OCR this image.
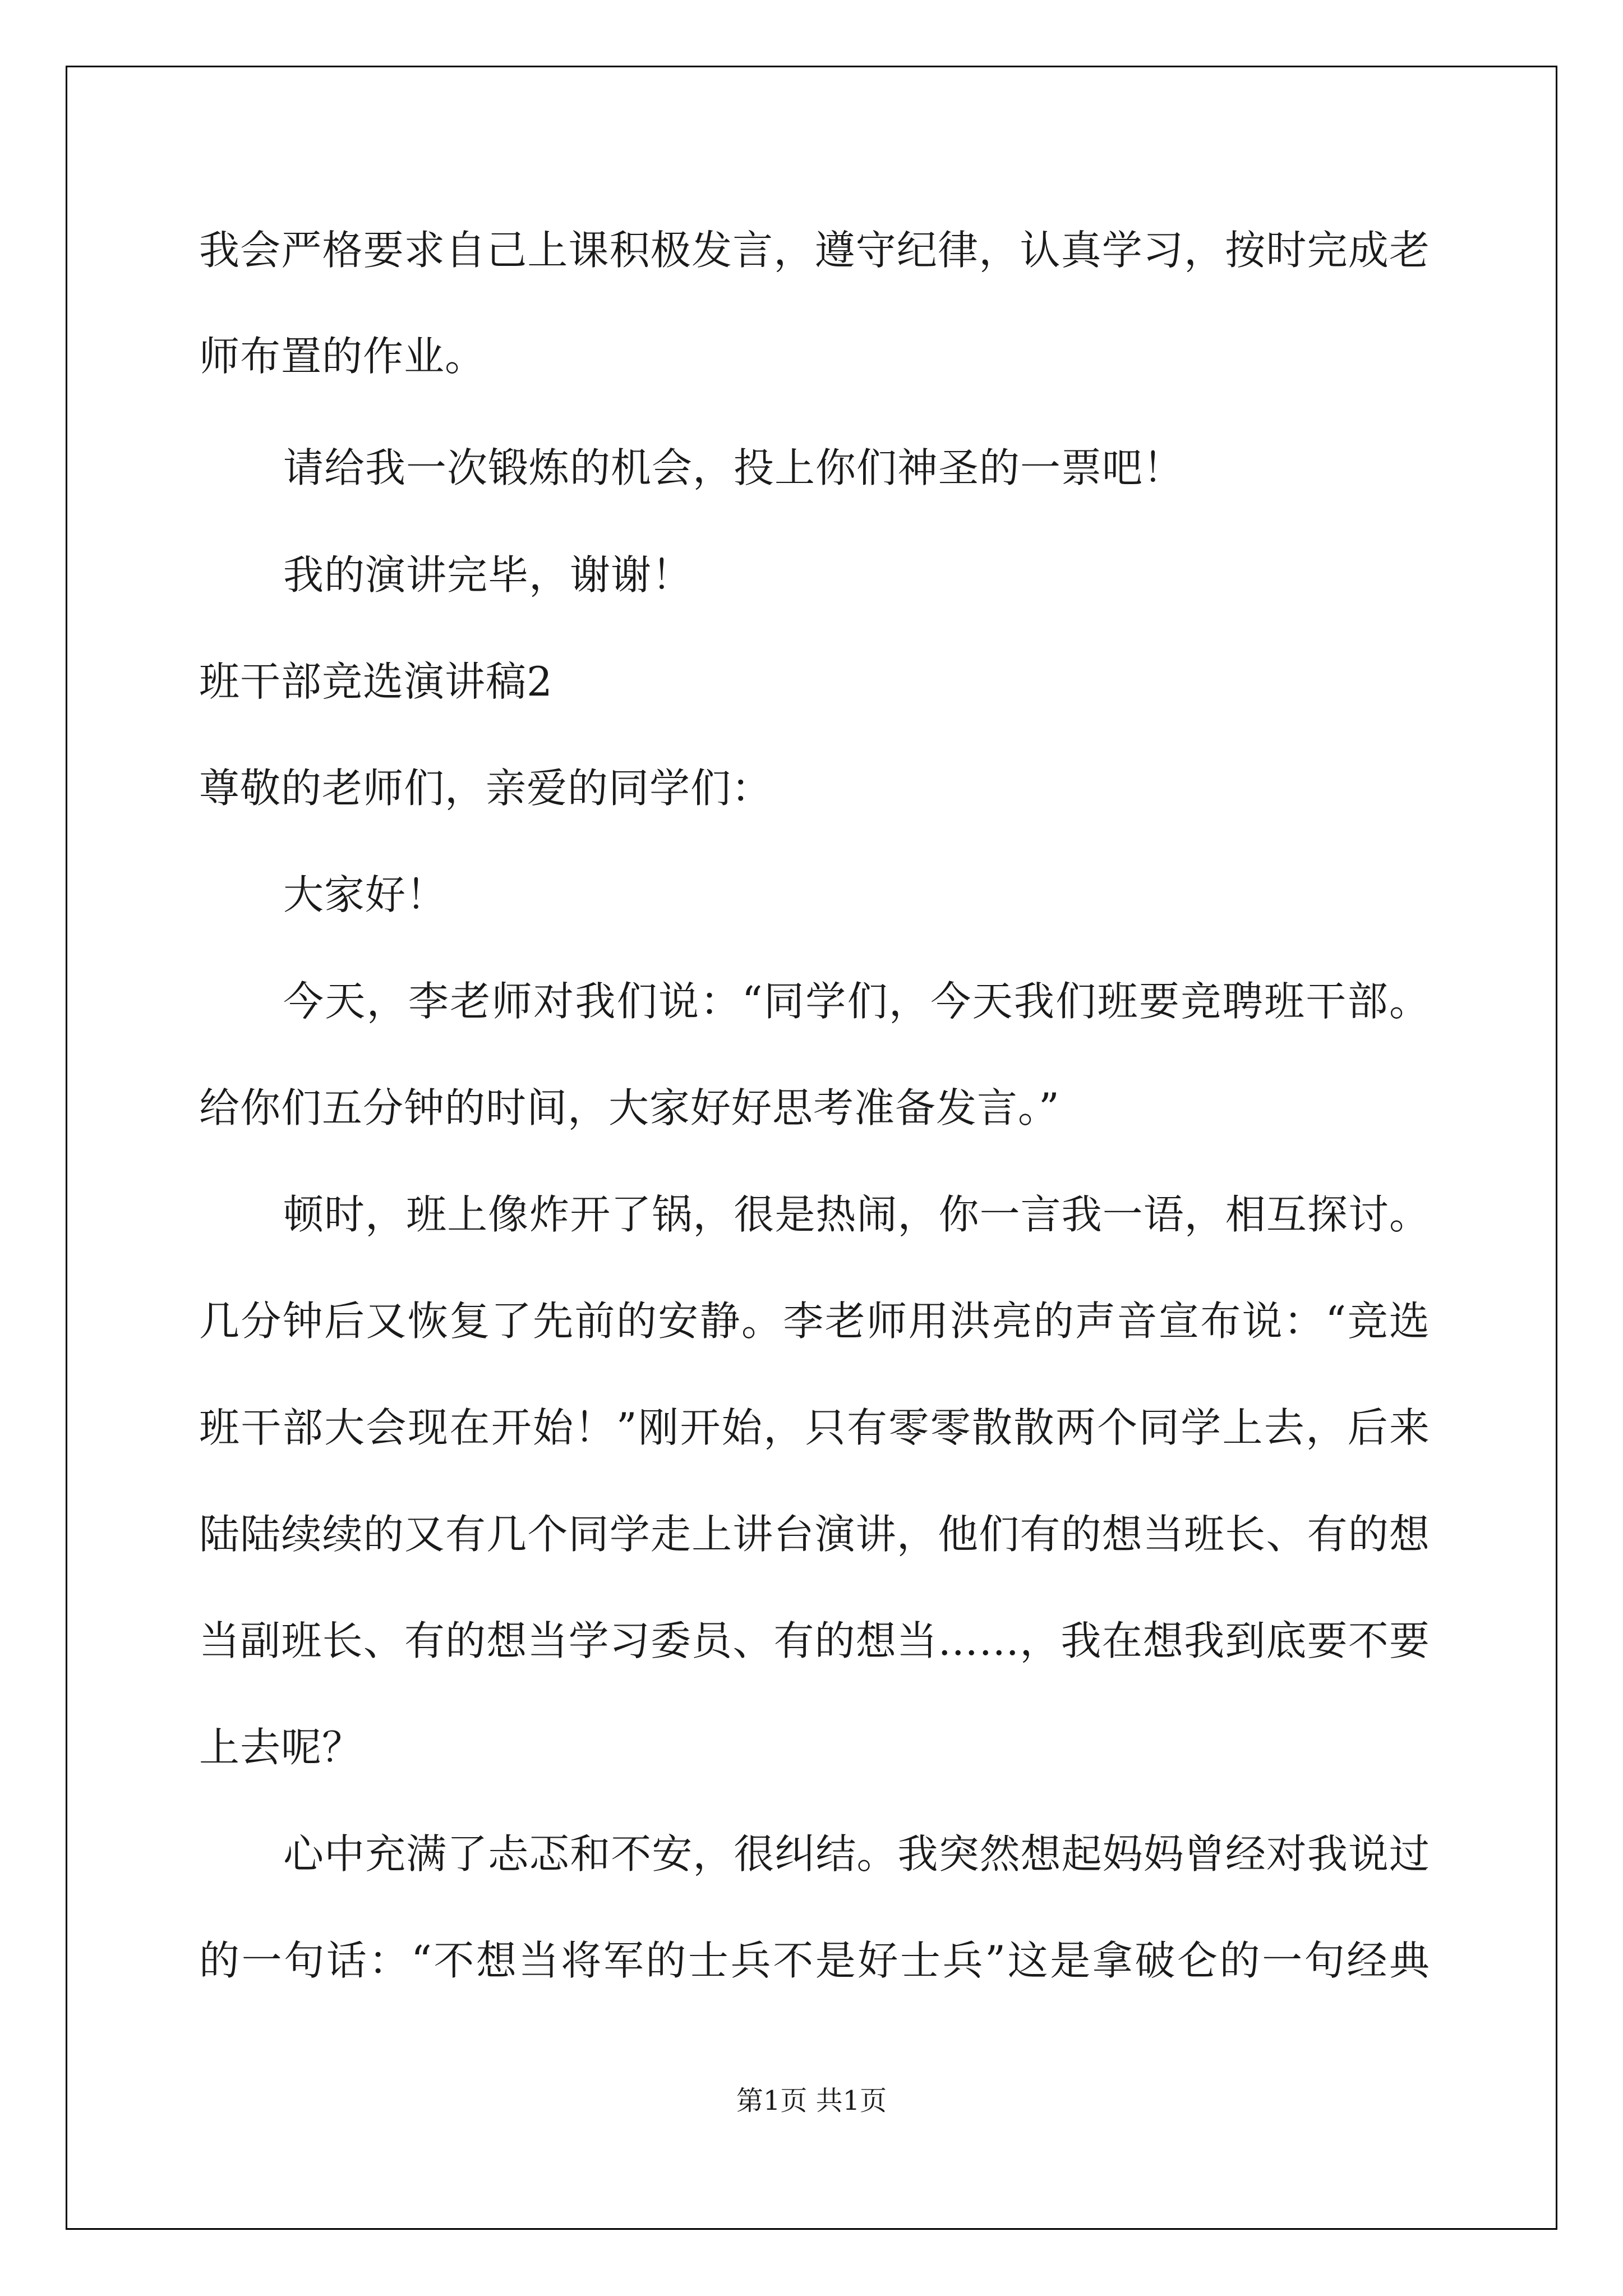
我会严格要求自己上课积极发言，遵守纪律，认真学习，按时完成老
师布置的作业。
请给我一次锻炼的机会，投上你们神圣的一票吧！
我的演讲完毕，谢谢！
班干部竞选演讲稿2
尊敬的老师们，亲爱的同学们：
大家好！
今天，李老师对我们说：“同学们，今天我们班要竞聘班干部。
给你们五分钟的时间，大家好好思考准备发言。”
顿时，班上像炸开了锅，很是热闹，你一言我一语，相互探讨。
几分钟后又恢复了先前的安静。李老师用洪亮的声音宣布说：“竞选
班干部大会现在开始！”刚开始，只有零零散散两个同学上去，后来
陆陆续续的又有几个同学走上讲台演讲，他们有的想当班长、有的想
当副班长、有的想当学习委员、有的想当……，我在想我到底要不要
上去呢？
心中充满了忐忑和不安，很纠结。我突然想起妈妈曾经对我说过
的一句话：“不想当将军的士兵不是好士兵”这是拿破仑的一句经典
第1页 共1页
